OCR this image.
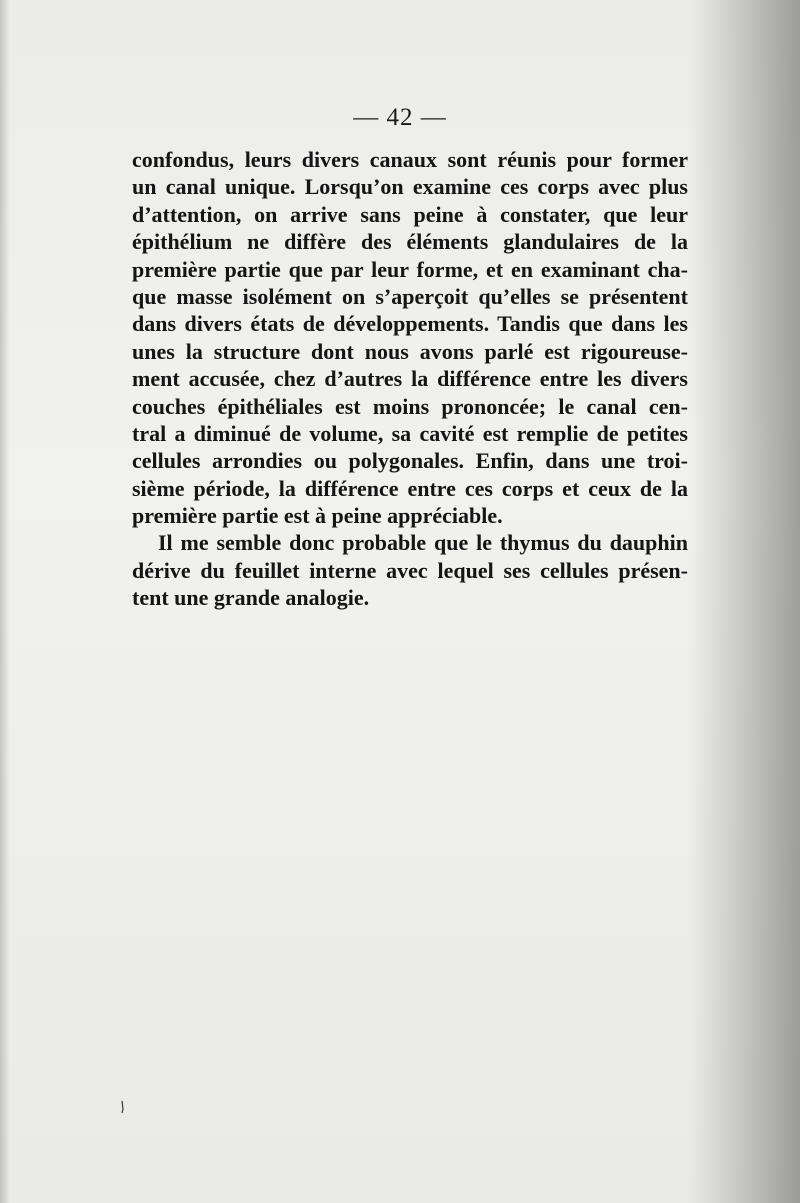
— 42 —
confondus, leurs divers canaux sont réunis pour former
un canal unique. Lorsqu’on examine ces corps avec plus
d’attention, on arrive sans peine à constater, que leur
épithélium ne diffère des éléments glandulaires de la
première partie que par leur forme, et en examinant cha-
que masse isolément on s’aperçoit qu’elles se présentent
dans divers états de développements. Tandis que dans les
unes la structure dont nous avons parlé est rigoureuse-
ment accusée, chez d’autres la différence entre les divers
couches épithéliales est moins prononcée; le canal cen-
tral a diminué de volume, sa cavité est remplie de petites
cellules arrondies ou polygonales. Enfin, dans une troi-
sième période, la différence entre ces corps et ceux de la
première partie est à peine appréciable.
Il me semble donc probable que le thymus du dauphin
dérive du feuillet interne avec lequel ses cellules présen-
tent une grande analogie.
